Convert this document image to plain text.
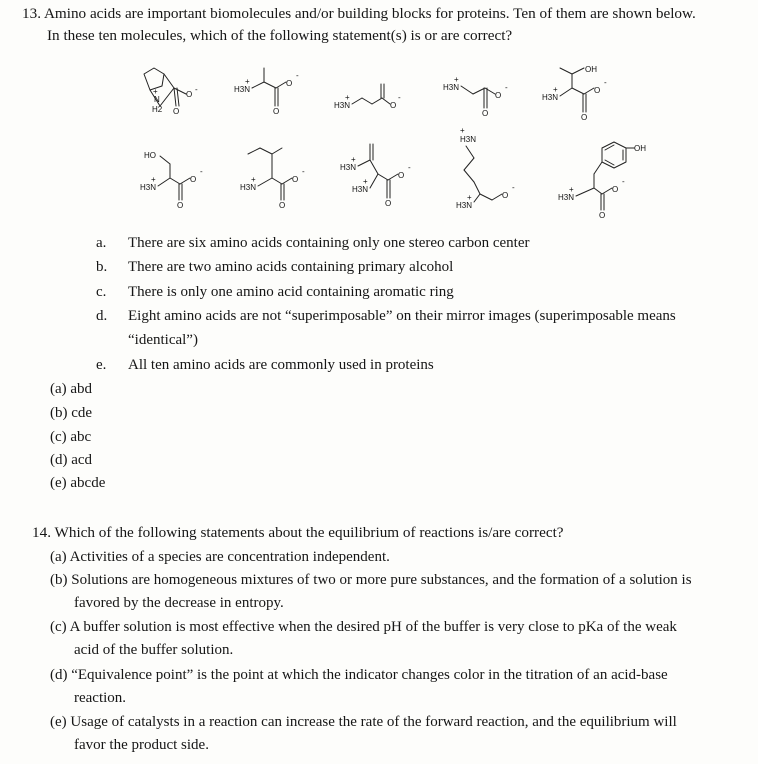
13. Amino acids are important biomolecules and/or building blocks for proteins. Ten of them are shown below.
In these ten molecules, which of the following statement(s) is or are correct?
N
+
H2
O
-
O
H3N
+	O
-
O
H3N
+
O
-
H3N
+
O
-
O
H3N
+
OH
O
-
O
HO
H3N
+	O
-
O
H3N
+	O
-
O
H3N
+
H3N
+
O
-
O
H3N
+
H3N
+	O
-
OH
H3N
+	O
-
O
a. There are six amino acids containing only one stereo carbon center
b. There are two amino acids containing primary alcohol
c. There is only one amino acid containing aromatic ring
d. Eight amino acids are not “superimposable” on their mirror images (superimposable means
“identical”)
e. All ten amino acids are commonly used in proteins
(a) abd
(b) cde
(c) abc
(d) acd
(e) abcde
14. Which of the following statements about the equilibrium of reactions is/are correct?
(a) Activities of a species are concentration independent.
(b) Solutions are homogeneous mixtures of two or more pure substances, and the formation of a solution is
favored by the decrease in entropy.
(c) A buffer solution is most effective when the desired pH of the buffer is very close to pKa of the weak
acid of the buffer solution.
(d) “Equivalence point” is the point at which the indicator changes color in the titration of an acid-base
reaction.
(e) Usage of catalysts in a reaction can increase the rate of the forward reaction, and the equilibrium will
favor the product side.
